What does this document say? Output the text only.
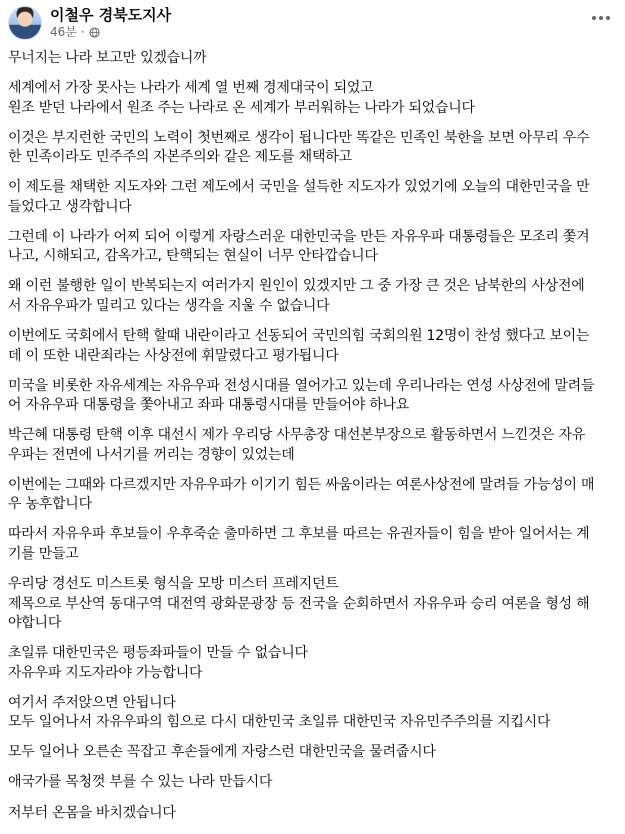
이철우 경북도지사
46분 ·
무너지는 나라 보고만 있겠습니까
세계에서 가장 못사는 나라가 세계 열 번째 경제대국이 되었고
원조 받던 나라에서 원조 주는 나라로 온 세계가 부러워하는 나라가 되었습니다
이것은 부지런한 국민의 노력이 첫번째로 생각이 됩니다만 똑같은 민족인 북한을 보면 아무리 우수
한 민족이라도 민주주의 자본주의와 같은 제도를 채택하고
이 제도를 채택한 지도자와 그런 제도에서 국민을 설득한 지도자가 있었기에 오늘의 대한민국을 만
들었다고 생각합니다
그런데 이 나라가 어찌 되어 이렇게 자랑스러운 대한민국을 만든 자유우파 대통령들은 모조리 쫓겨
나고, 시해되고, 감옥가고, 탄핵되는 현실이 너무 안타깝습니다
왜 이런 불행한 일이 반복되는지 여러가지 원인이 있겠지만 그 중 가장 큰 것은 남북한의 사상전에
서 자유우파가 밀리고 있다는 생각을 지울 수 없습니다
이번에도 국회에서 탄핵 할때 내란이라고 선동되어 국민의힘 국회의원 12명이 찬성 했다고 보이는
데 이 또한 내란죄라는 사상전에 휘말렸다고 평가됩니다
미국을 비롯한 자유세계는 자유우파 전성시대를 열어가고 있는데 우리나라는 연성 사상전에 말려들
어 자유우파 대통령을 쫓아내고 좌파 대통령시대를 만들어야 하나요
박근혜 대통령 탄핵 이후 대선시 제가 우리당 사무총장 대선본부장으로 활동하면서 느낀것은 자유
우파는 전면에 나서기를 꺼리는 경향이 있었는데
이번에는 그때와 다르겠지만 자유우파가 이기기 힘든 싸움이라는 여론사상전에 말려들 가능성이 매
우 농후합니다
따라서 자유우파 후보들이 우후죽순 출마하면 그 후보를 따르는 유권자들이 힘을 받아 일어서는 계
기를 만들고
우리당 경선도 미스트롯 형식을 모방 미스터 프레지던트
제목으로 부산역 동대구역 대전역 광화문광장 등 전국을 순회하면서 자유우파 승리 여론을 형성 해
야합니다
초일류 대한민국은 평등좌파들이 만들 수 없습니다
자유우파 지도자라야 가능합니다
여기서 주저앉으면 안됩니다
모두 일어나서 자유우파의 힘으로 다시 대한민국 초일류 대한민국 자유민주주의를 지킵시다
모두 일어나 오른손 꼭잡고 후손들에게 자랑스런 대한민국을 물려줍시다
애국가를 목청껏 부를 수 있는 나라 만듭시다
저부터 온몸을 바치겠습니다
